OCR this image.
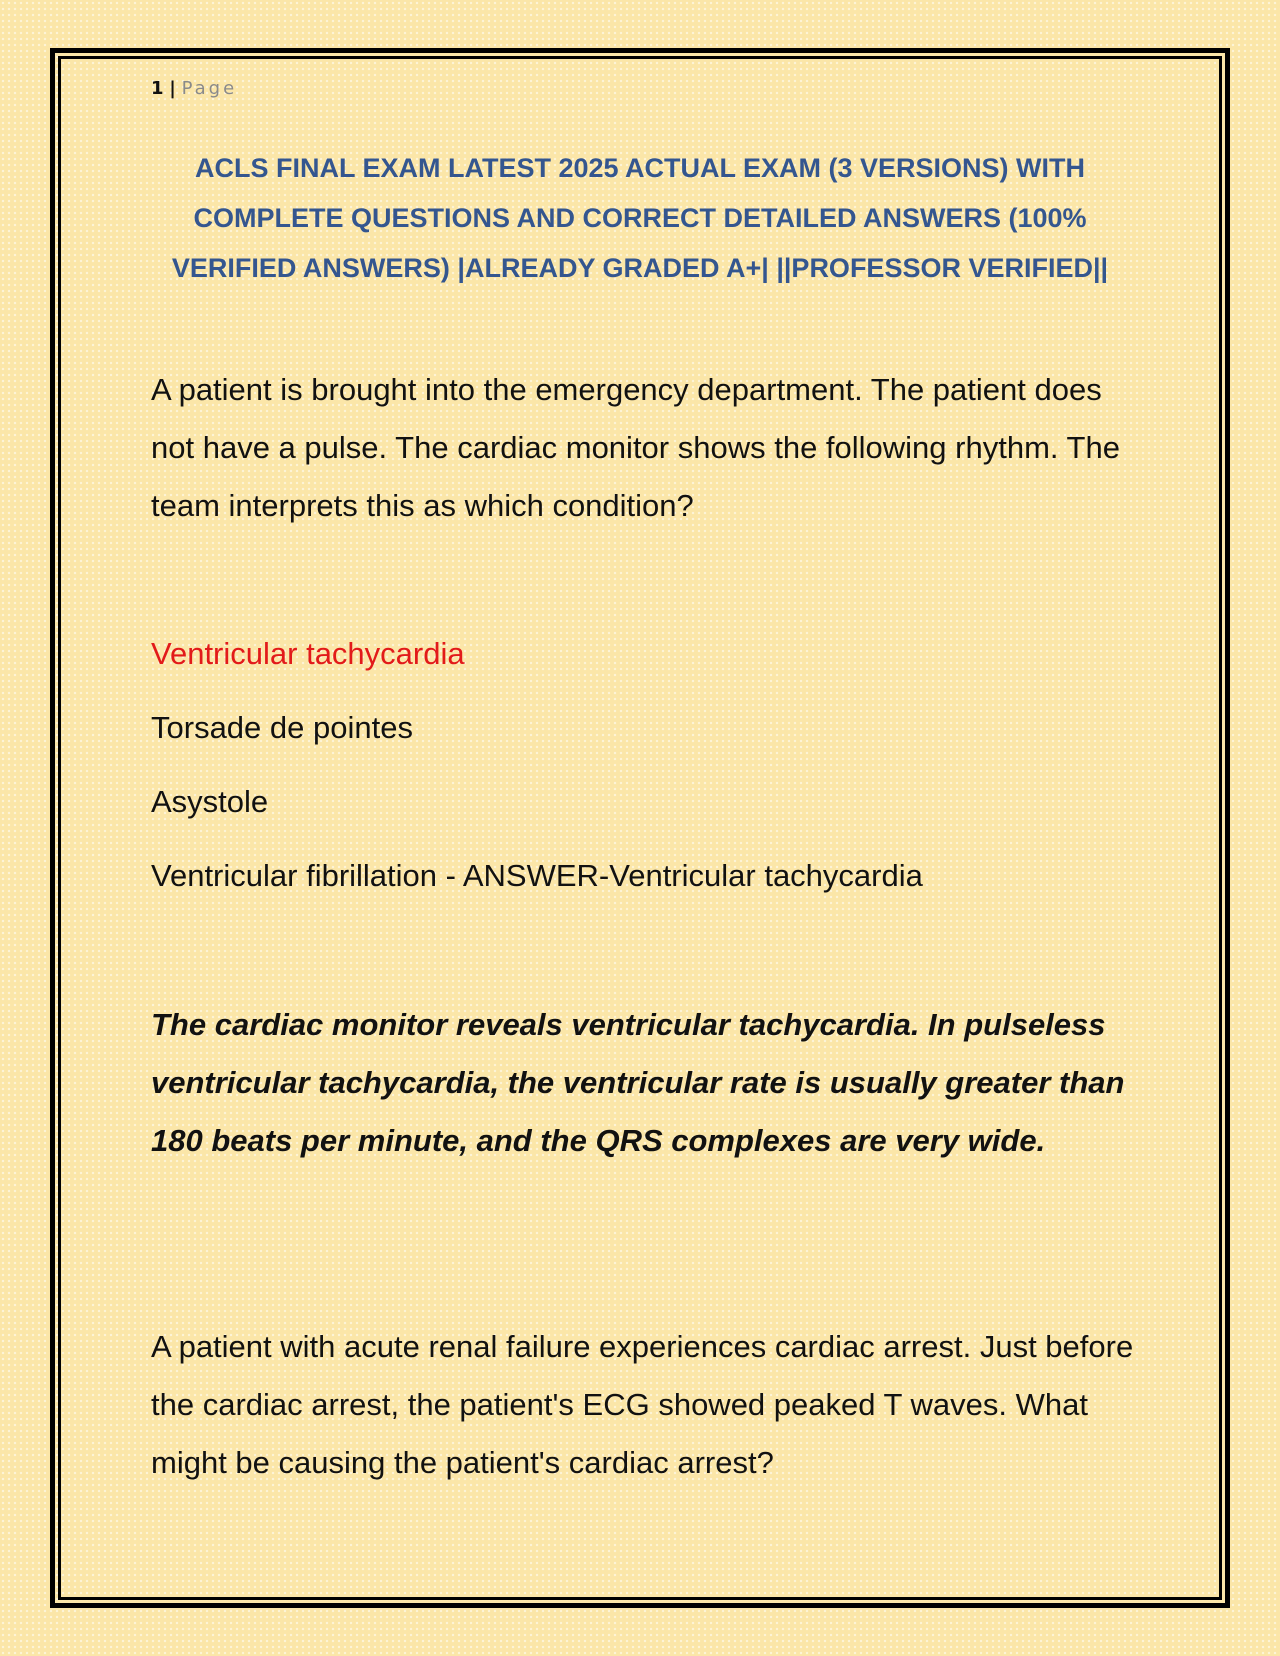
1 | Page
ACLS FINAL EXAM LATEST 2025 ACTUAL EXAM (3 VERSIONS) WITH COMPLETE QUESTIONS AND CORRECT DETAILED ANSWERS (100% VERIFIED ANSWERS) |ALREADY GRADED A+| ||PROFESSOR VERIFIED||

A patient is brought into the emergency department. The patient does not have a pulse. The cardiac monitor shows the following rhythm. The team interprets this as which condition?

Ventricular tachycardia

Torsade de pointes

Asystole

Ventricular fibrillation - ANSWER-Ventricular tachycardia

The cardiac monitor reveals ventricular tachycardia. In pulseless ventricular tachycardia, the ventricular rate is usually greater than 180 beats per minute, and the QRS complexes are very wide.

A patient with acute renal failure experiences cardiac arrest. Just before the cardiac arrest, the patient's ECG showed peaked T waves. What might be causing the patient's cardiac arrest?
